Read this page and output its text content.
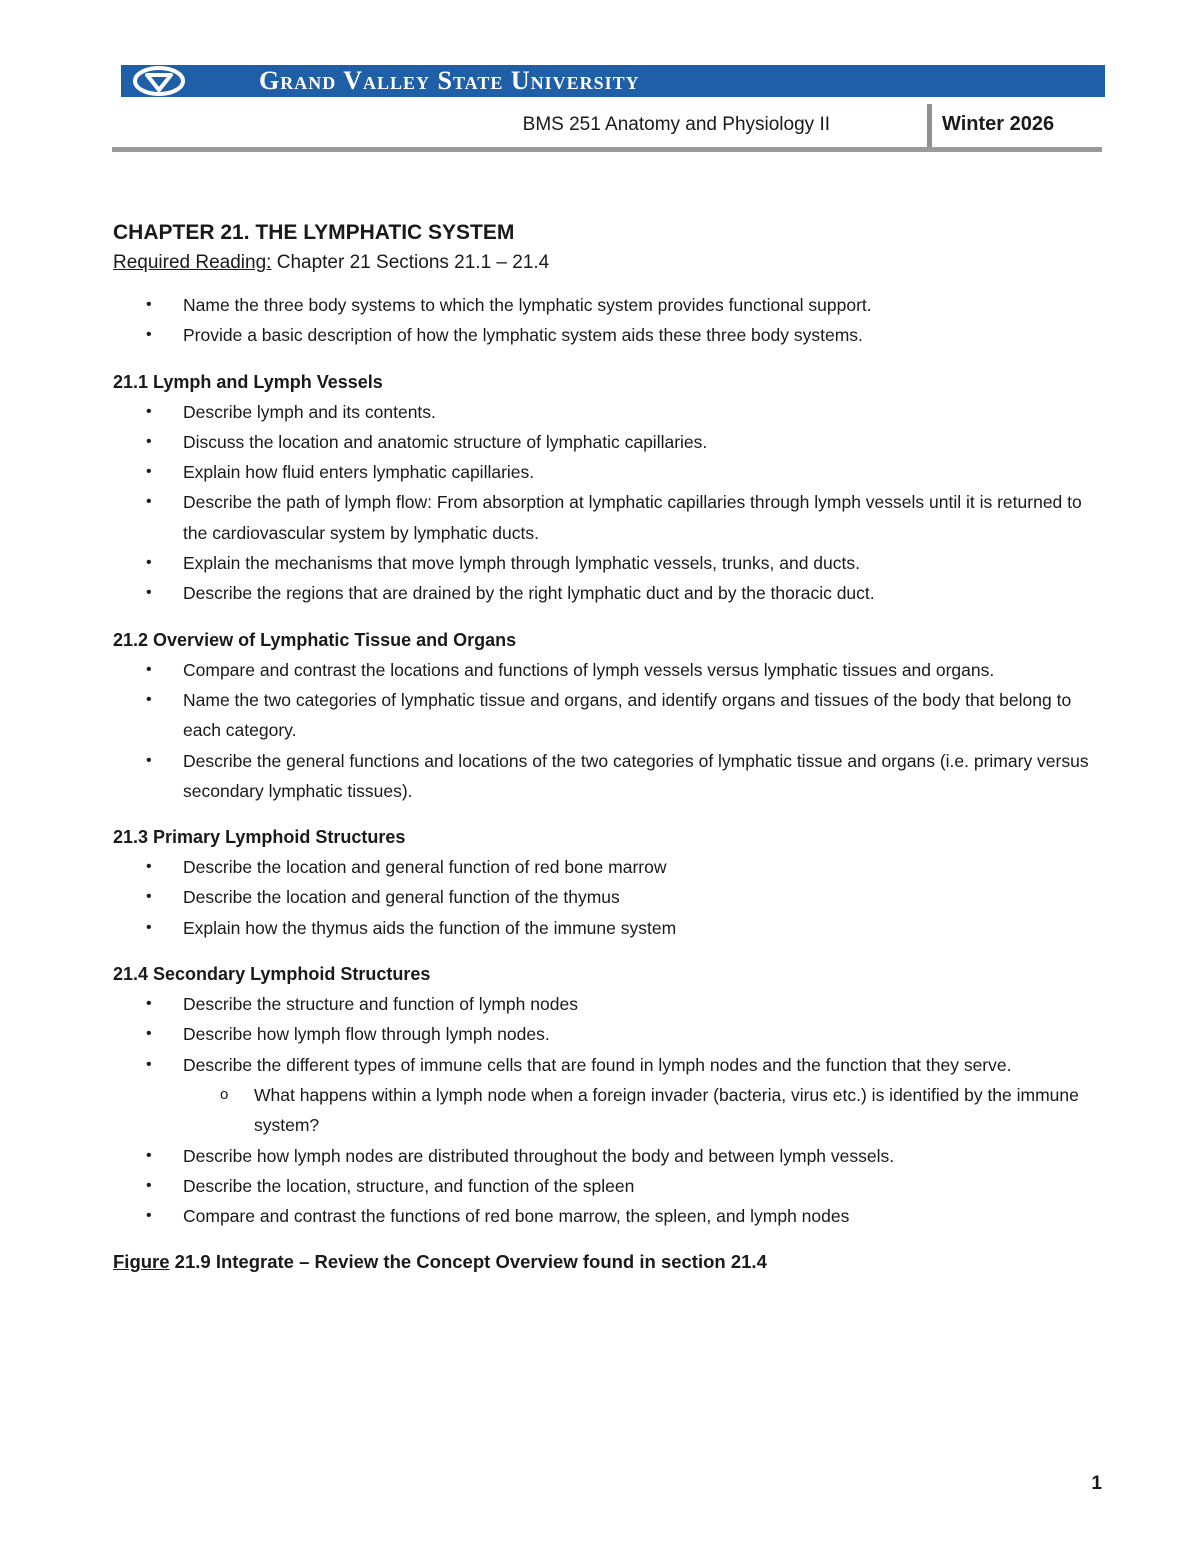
Grand Valley State University
BMS 251 Anatomy and Physiology II	Winter 2026

CHAPTER 21. THE LYMPHATIC SYSTEM

Required Reading: Chapter 21 Sections 21.1 – 21.4

• Name the three body systems to which the lymphatic system provides functional support.
• Provide a basic description of how the lymphatic system aids these three body systems.

21.1 Lymph and Lymph Vessels

• Describe lymph and its contents.
• Discuss the location and anatomic structure of lymphatic capillaries.
• Explain how fluid enters lymphatic capillaries.
• Describe the path of lymph flow: From absorption at lymphatic capillaries through lymph vessels until it is returned to the cardiovascular system by lymphatic ducts.
• Explain the mechanisms that move lymph through lymphatic vessels, trunks, and ducts.
• Describe the regions that are drained by the right lymphatic duct and by the thoracic duct.

21.2 Overview of Lymphatic Tissue and Organs

• Compare and contrast the locations and functions of lymph vessels versus lymphatic tissues and organs.
• Name the two categories of lymphatic tissue and organs, and identify organs and tissues of the body that belong to each category.
• Describe the general functions and locations of the two categories of lymphatic tissue and organs (i.e. primary versus secondary lymphatic tissues).

21.3 Primary Lymphoid Structures

• Describe the location and general function of red bone marrow
• Describe the location and general function of the thymus
• Explain how the thymus aids the function of the immune system

21.4 Secondary Lymphoid Structures

• Describe the structure and function of lymph nodes
• Describe how lymph flow through lymph nodes.
• Describe the different types of immune cells that are found in lymph nodes and the function that they serve.
o What happens within a lymph node when a foreign invader (bacteria, virus etc.) is identified by the immune system?
• Describe how lymph nodes are distributed throughout the body and between lymph vessels.
• Describe the location, structure, and function of the spleen
• Compare and contrast the functions of red bone marrow, the spleen, and lymph nodes

Figure 21.9 Integrate – Review the Concept Overview found in section 21.4

1
